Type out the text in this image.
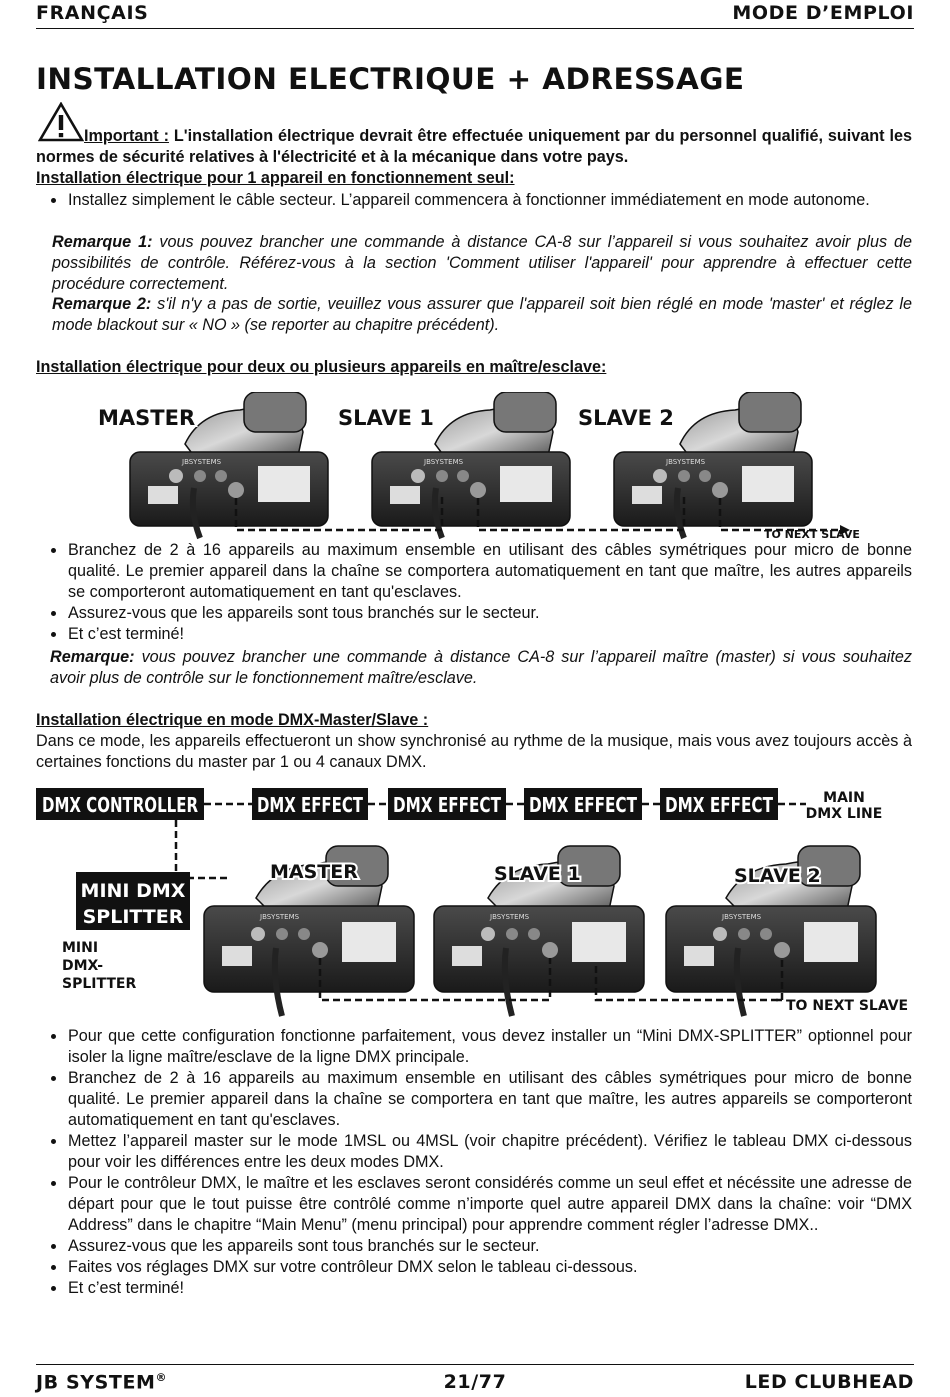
FRANÇAIS	MODE D’EMPLOI
INSTALLATION ELECTRIQUE + ADRESSAGE
Important : L'installation électrique devrait être effectuée uniquement par du personnel qualifié, suivant les normes de sécurité relatives à l'électricité et à la mécanique dans votre pays.
Installation électrique pour 1 appareil en fonctionnement seul:
Installez simplement le câble secteur. L’appareil commencera à fonctionner immédiatement en mode autonome.
Remarque 1: vous pouvez brancher une commande à distance CA-8 sur l’appareil si vous souhaitez avoir plus de possibilités de contrôle. Référez-vous à la section 'Comment utiliser l'appareil' pour apprendre à effectuer cette procédure correctement.
Remarque 2: s'il n'y a pas de sortie, veuillez vous assurer que l'appareil soit bien réglé en mode 'master' et réglez le mode blackout sur « NO » (se reporter au chapitre précédent).
Installation électrique pour deux ou plusieurs appareils en maître/esclave:
JBSYSTEMS	JBSYSTEMS	JBSYSTEMS
MASTER	SLAVE 1	SLAVE 2
TO NEXT SLAVE
Branchez de 2 à 16 appareils au maximum ensemble en utilisant des câbles symétriques pour micro de bonne qualité. Le premier appareil dans la chaîne se comportera automatiquement en tant que maître, les autres appareils se comporteront automatiquement en tant qu'esclaves.
Assurez-vous que les appareils sont tous branchés sur le secteur.
Et c’est terminé!
Remarque: vous pouvez brancher une commande à distance CA-8 sur l’appareil maître (master) si vous souhaitez avoir plus de contrôle sur le fonctionnement maître/esclave.
Installation électrique en mode DMX-Master/Slave :
Dans ce mode, les appareils effectueront un show synchronisé au rythme de la musique, mais vous avez toujours accès à certaines fonctions du master par 1 ou 4 canaux DMX.
DMX CONTROLLER	DMX EFFECT DMX EFFECT DMX EFFECT DMX EFFECT	MAIN
DMX LINE
MINI DMX
SPLITTER
MINI
DMX-
SPLITTER
JBSYSTEMS	JBSYSTEMS	JBSYSTEMS
MASTER	SLAVE 1	SLAVE 2
TO NEXT SLAVE
Pour que cette configuration fonctionne parfaitement, vous devez installer un “Mini DMX-SPLITTER” optionnel pour isoler la ligne maître/esclave de la ligne DMX principale.
Branchez de 2 à 16 appareils au maximum ensemble en utilisant des câbles symétriques pour micro de bonne qualité. Le premier appareil dans la chaîne se comportera en tant que maître, les autres appareils se comporteront automatiquement en tant qu'esclaves.
Mettez l’appareil master sur le mode 1MSL ou 4MSL (voir chapitre précédent). Vérifiez le tableau DMX ci-dessous pour voir les différences entre les deux modes DMX.
Pour le contrôleur DMX, le maître et les esclaves seront considérés comme un seul effet et nécéssite une adresse de départ pour que le tout puisse être contrôlé comme n’importe quel autre appareil DMX dans la chaîne: voir “DMX Address” dans le chapitre “Main Menu” (menu principal) pour apprendre comment régler l’adresse DMX..
Assurez-vous que les appareils sont tous branchés sur le secteur.
Faites vos réglages DMX sur votre contrôleur DMX selon le tableau ci-dessous.
Et c’est terminé!
JB SYSTEM®	21/77	LED CLUBHEAD
